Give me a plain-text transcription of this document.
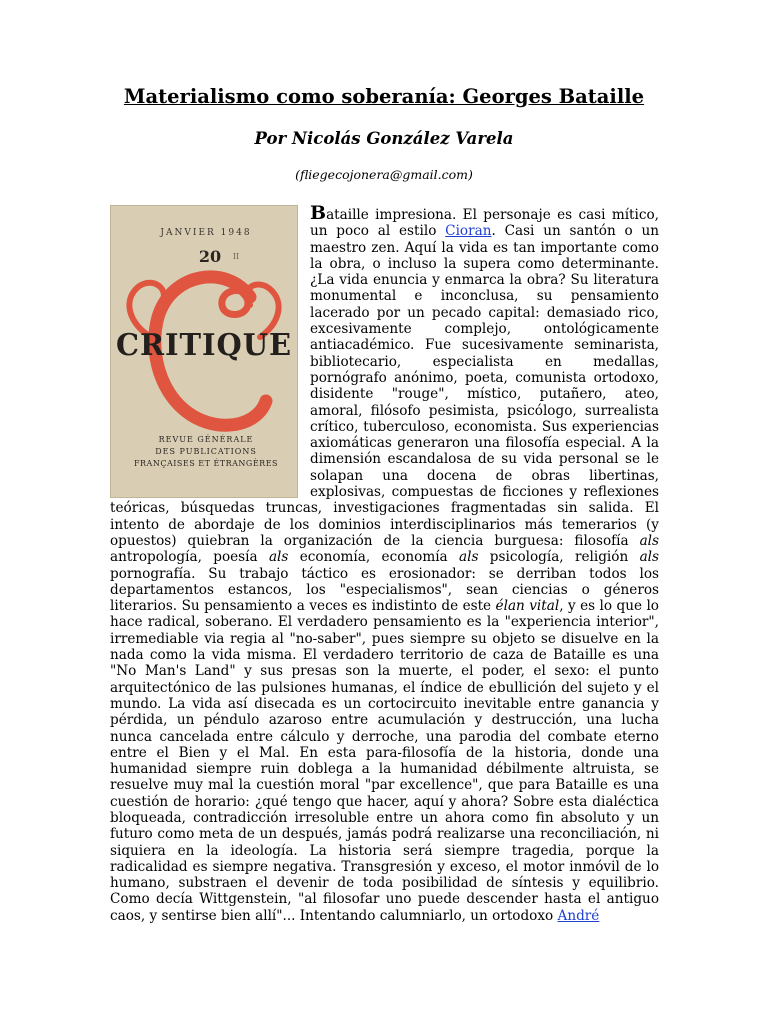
Materialismo como soberanía: Georges Bataille

Por Nicolás González Varela

(fliegecojonera@gmail.com)

JANVIER 1948
20 II
CRITIQUE
REVUE GÉNÉRALE
DES PUBLICATIONS
FRANÇAISES ET ÉTRANGÈRES
Bataille impresiona. El personaje es casi mítico, un poco al estilo Cioran. Casi un santón o un maestro zen. Aquí la vida es tan importante como la obra, o incluso la supera como determinante. ¿La vida enuncia y enmarca la obra? Su literatura monumental e inconclusa, su pensamiento lacerado por un pecado capital: demasiado rico, excesivamente complejo, ontológicamente antiacadémico. Fue sucesivamente seminarista, bibliotecario, especialista en medallas, pornógrafo anónimo, poeta, comunista ortodoxo, disidente "rouge", místico, putañero, ateo, amoral, filósofo pesimista, psicólogo, surrealista crítico, tuberculoso, economista. Sus experiencias axiomáticas generaron una filosofía especial. A la dimensión escandalosa de su vida personal se le solapan una docena de obras libertinas, explosivas, compuestas de ficciones y reflexiones teóricas, búsquedas truncas, investigaciones fragmentadas sin salida. El intento de abordaje de los dominios interdisciplinarios más temerarios (y opuestos) quiebran la organización de la ciencia burguesa: filosofía als antropología, poesía als economía, economía als psicología, religión als pornografía. Su trabajo táctico es erosionador: se derriban todos los departamentos estancos, los "especialismos", sean ciencias o géneros literarios. Su pensamiento a veces es indistinto de este élan vital, y es lo que lo hace radical, soberano. El verdadero pensamiento es la "experiencia interior", irremediable via regia al "no-saber", pues siempre su objeto se disuelve en la nada como la vida misma. El verdadero territorio de caza de Bataille es una "No Man's Land" y sus presas son la muerte, el poder, el sexo: el punto arquitectónico de las pulsiones humanas, el índice de ebullición del sujeto y el mundo. La vida así disecada es un cortocircuito inevitable entre ganancia y pérdida, un péndulo azaroso entre acumulación y destrucción, una lucha nunca cancelada entre cálculo y derroche, una parodia del combate eterno entre el Bien y el Mal. En esta para-filosofía de la historia, donde una humanidad siempre ruin doblega a la humanidad débilmente altruista, se resuelve muy mal la cuestión moral "par excellence", que para Bataille es una cuestión de horario: ¿qué tengo que hacer, aquí y ahora? Sobre esta dialéctica bloqueada, contradicción irresoluble entre un ahora como fin absoluto y un futuro como meta de un después, jamás podrá realizarse una reconciliación, ni siquiera en la ideología. La historia será siempre tragedia, porque la radicalidad es siempre negativa. Transgresión y exceso, el motor inmóvil de lo humano, substraen el devenir de toda posibilidad de síntesis y equilibrio. Como decía Wittgenstein, "al filosofar uno puede descender hasta el antiguo caos, y sentirse bien allí"... Intentando calumniarlo, un ortodoxo André
